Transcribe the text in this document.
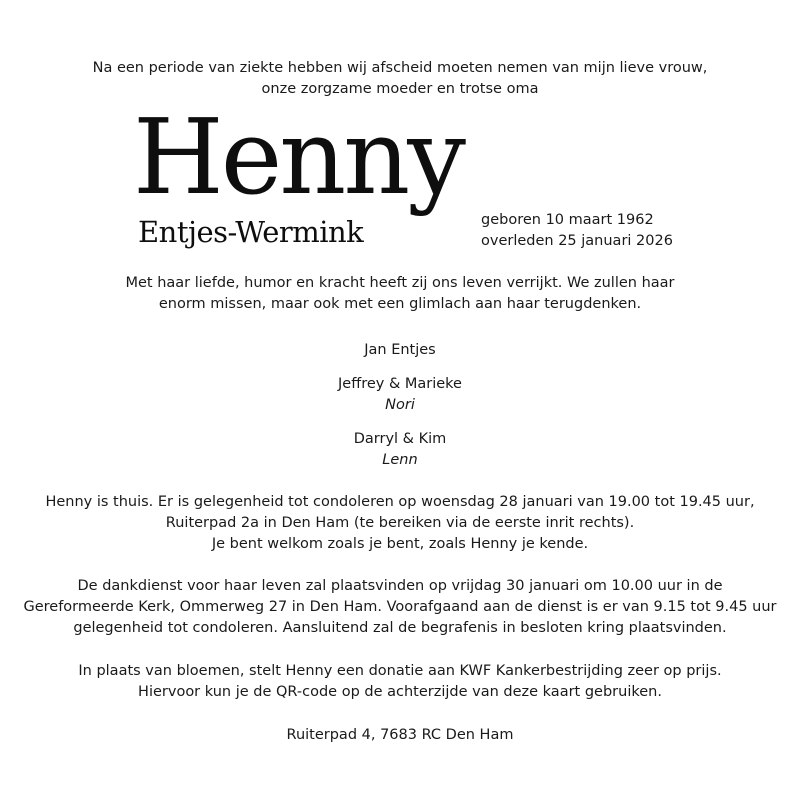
Na een periode van ziekte hebben wij afscheid moeten nemen van mijn lieve vrouw,
onze zorgzame moeder en trotse oma
Henny
Entjes-Wermink	geboren 10 maart 1962
overleden 25 januari 2026
Met haar liefde, humor en kracht heeft zij ons leven verrijkt. We zullen haar
enorm missen, maar ook met een glimlach aan haar terugdenken.
Jan Entjes
Jeffrey & Marieke
Nori
Darryl & Kim
Lenn
Henny is thuis. Er is gelegenheid tot condoleren op woensdag 28 januari van 19.00 tot 19.45 uur,
Ruiterpad 2a in Den Ham (te bereiken via de eerste inrit rechts).
Je bent welkom zoals je bent, zoals Henny je kende.
De dankdienst voor haar leven zal plaatsvinden op vrijdag 30 januari om 10.00 uur in de
Gereformeerde Kerk, Ommerweg 27 in Den Ham. Voorafgaand aan de dienst is er van 9.15 tot 9.45 uur
gelegenheid tot condoleren. Aansluitend zal de begrafenis in besloten kring plaatsvinden.
In plaats van bloemen, stelt Henny een donatie aan KWF Kankerbestrijding zeer op prijs.
Hiervoor kun je de QR-code op de achterzijde van deze kaart gebruiken.
Ruiterpad 4, 7683 RC Den Ham
